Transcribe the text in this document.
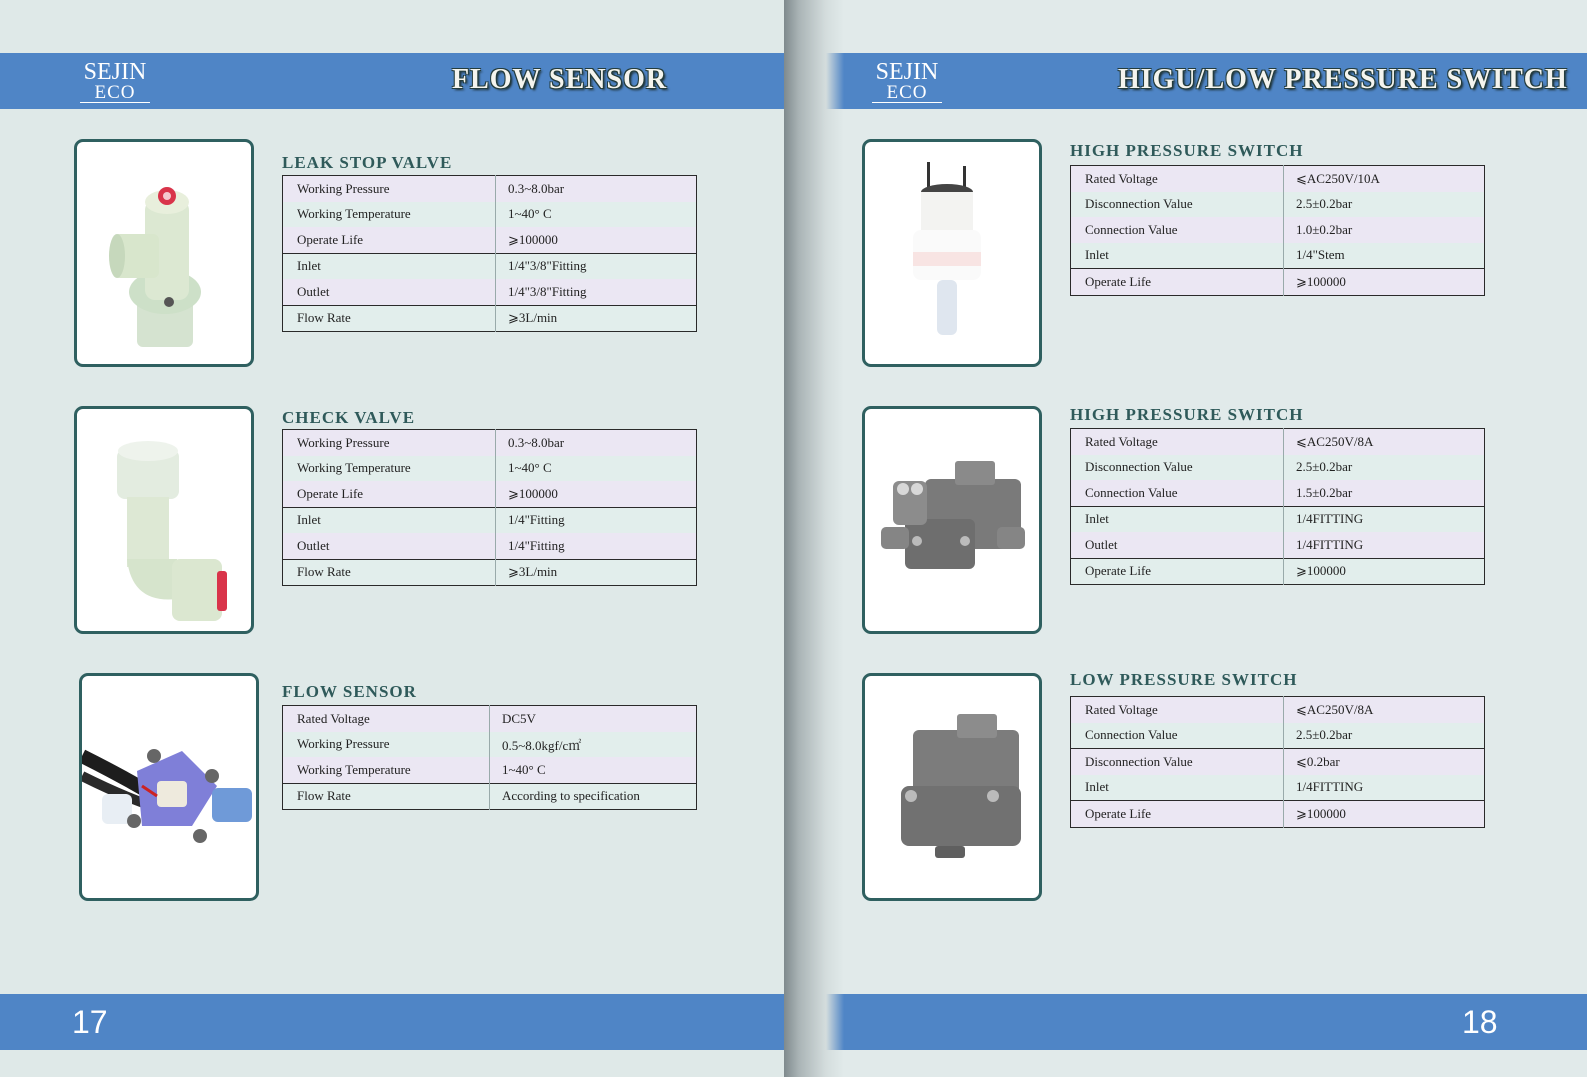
SEJIN
ECO	FLOW SENSOR
LEAK STOP VALVE
Working Pressure	0.3~8.0bar
Working Temperature	1~40° C
Operate Life	⩾100000
Inlet	1/4"3/8"Fitting
Outlet	1/4"3/8"Fitting
Flow Rate	⩾3L/min
CHECK VALVE
Working Pressure	0.3~8.0bar
Working Temperature	1~40° C
Operate Life	⩾100000
Inlet	1/4"Fitting
Outlet	1/4"Fitting
Flow Rate	⩾3L/min
FLOW SENSOR
Rated Voltage	DC5V
Working Pressure	0.5~8.0kgf/c㎡
Working Temperature	1~40° C
Flow Rate	According to specification
17
SEJIN
ECO	HIGU/LOW PRESSURE SWITCH
HIGH PRESSURE SWITCH
Rated Voltage	⩽AC250V/10A
Disconnection Value	2.5±0.2bar
Connection Value	1.0±0.2bar
Inlet	1/4"Stem
Operate Life	⩾100000
HIGH PRESSURE SWITCH
Rated Voltage	⩽AC250V/8A
Disconnection Value	2.5±0.2bar
Connection Value	1.5±0.2bar
Inlet	1/4FITTING
Outlet	1/4FITTING
Operate Life	⩾100000
LOW PRESSURE SWITCH
Rated Voltage	⩽AC250V/8A
Connection Value	2.5±0.2bar
Disconnection Value	⩽0.2bar
Inlet	1/4FITTING
Operate Life	⩾100000
18
